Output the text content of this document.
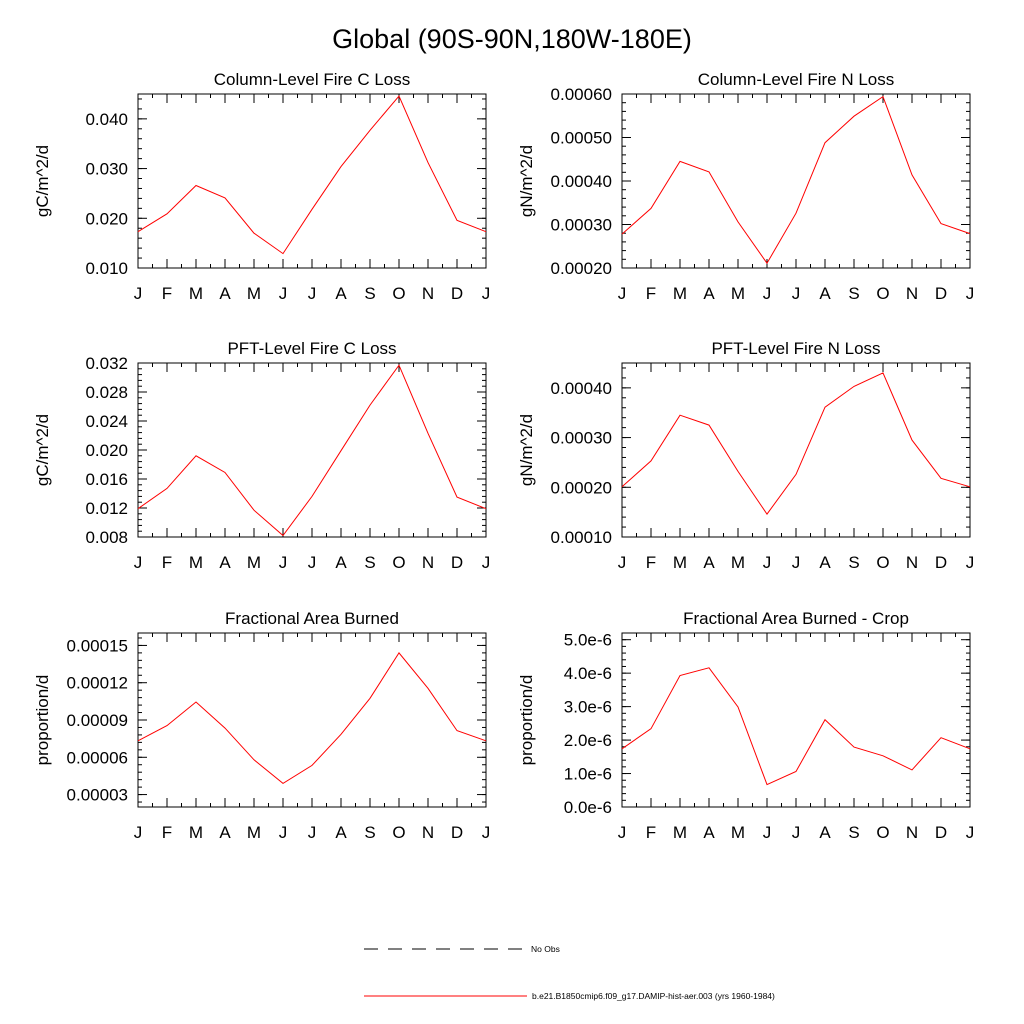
Global (90S-90N,180W-180E)
Column-Level Fire C Loss
gC/m^2/d
J F M A M J J A S O N D J
0.010
0.020
0.030
0.040
Column-Level Fire N Loss
gN/m^2/d
J F M A M J J A S O N D J
0.00020
0.00030
0.00040
0.00050
0.00060
PFT-Level Fire C Loss
gC/m^2/d
J F M A M J J A S O N D J
0.008
0.012
0.016
0.020
0.024
0.028
0.032
PFT-Level Fire N Loss
gN/m^2/d
J F M A M J J A S O N D J
0.00010
0.00020
0.00030
0.00040
Fractional Area Burned
proportion/d
J F M A M J J A S O N D J
0.00003
0.00006
0.00009
0.00012
0.00015
Fractional Area Burned - Crop
proportion/d
J F M A M J J A S O N D J
0.0e-6
1.0e-6
2.0e-6
3.0e-6
4.0e-6
5.0e-6
No Obs
b.e21.B1850cmip6.f09_g17.DAMIP-hist-aer.003 (yrs 1960-1984)
